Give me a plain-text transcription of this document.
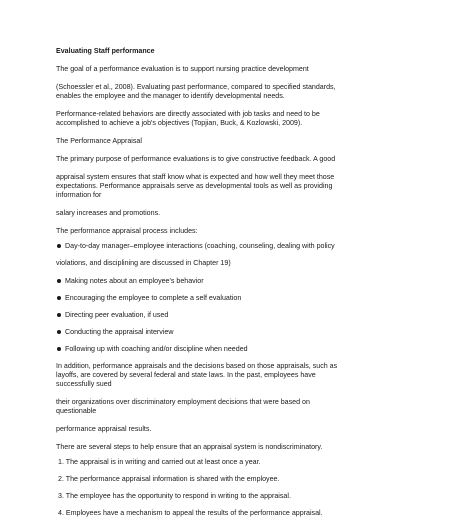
Evaluating Staff performance

The goal of a performance evaluation is to support nursing practice development

(Schoessler et al., 2008). Evaluating past performance, compared to specified standards,

enables the employee and the manager to identify developmental needs.

Performance-related behaviors are directly associated with job tasks and need to be

accomplished to achieve a job's objectives (Topjian, Buck, & Kozlowski, 2009).

The Performance Appraisal

The primary purpose of performance evaluations is to give constructive feedback. A good

appraisal system ensures that staff know what is expected and how well they meet those

expectations. Performance appraisals serve as developmental tools as well as providing

information for

salary increases and promotions.

The performance appraisal process includes:

Day-to-day manager–employee interactions (coaching, counseling, dealing with policy

violations, and disciplining are discussed in Chapter 19)

Making notes about an employee's behavior
Encouraging the employee to complete a self evaluation
Directing peer evaluation, if used
Conducting the appraisal interview
Following up with coaching and/or discipline when needed

In addition, performance appraisals and the decisions based on those appraisals, such as

layoffs, are covered by several federal and state laws. In the past, employees have

successfully sued

their organizations over discriminatory employment decisions that were based on

questionable

performance appraisal results.

There are several steps to help ensure that an appraisal system is nondiscriminatory.

1. The appraisal is in writing and carried out at least once a year.
2. The performance appraisal information is shared with the employee.
3. The employee has the opportunity to respond in writing to the appraisal.
4. Employees have a mechanism to appeal the results of the performance appraisal.
